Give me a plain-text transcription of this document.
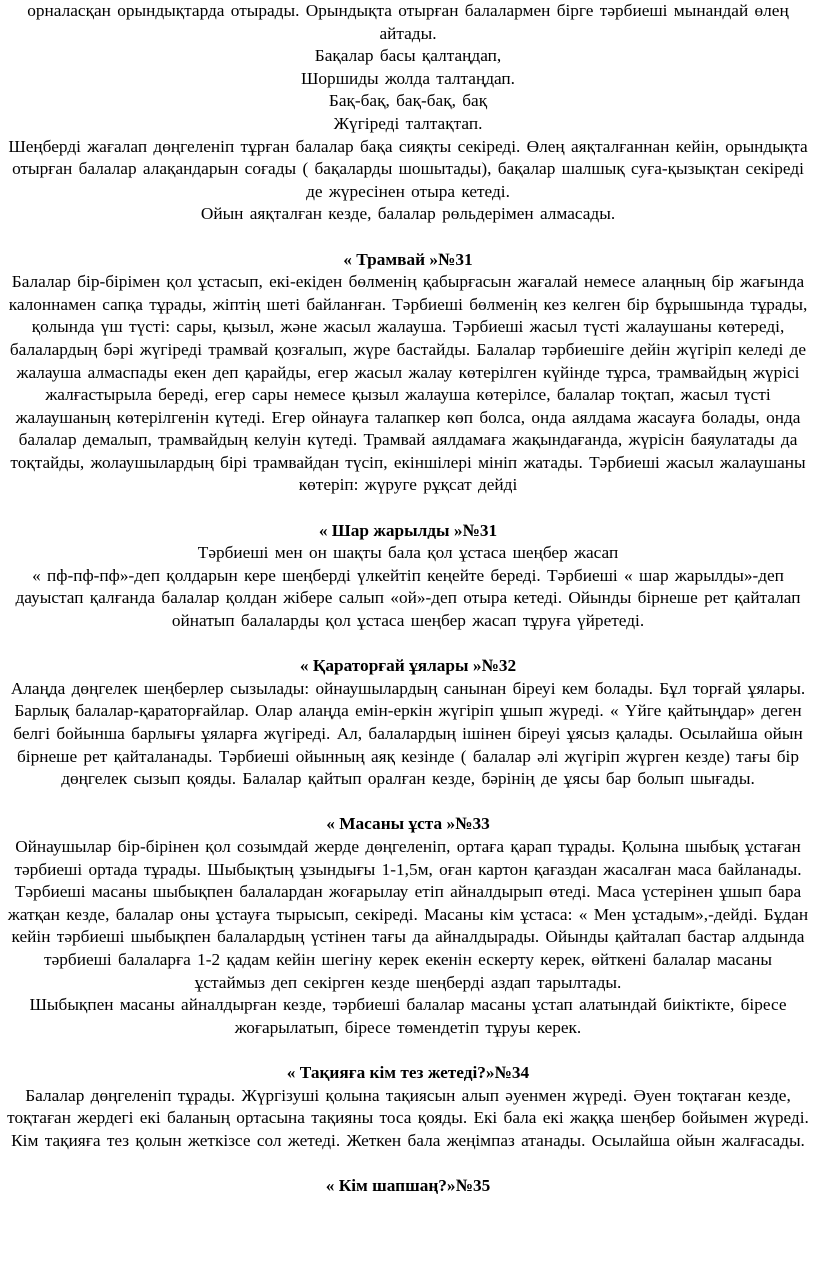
орналасқан орындықтарда отырады. Орындықта отырған балалармен бірге тәрбиеші мынандай өлең айтады.

Бақалар басы қалтаңдап,

Шоршиды жолда талтаңдап.

Бақ-бақ, бақ-бақ, бақ

Жүгіреді талтақтап.

Шеңберді жағалап дөңгеленіп тұрған балалар бақа сияқты секіреді. Өлең аяқталғаннан кейін, орындықта отырған балалар алақандарын соғады ( бақаларды шошытады), бақалар шалшық суға-қызықтан секіреді де жүресінен отыра кетеді.

Ойын аяқталған кезде, балалар рөльдерімен алмасады.

« Трамвай »№31

Балалар бір-бірімен қол ұстасып, екі-екіден бөлменің қабырғасын жағалай немесе алаңның бір жағында калоннамен сапқа тұрады, жіптің шеті байланған. Тәрбиеші бөлменің кез келген бір бұрышында тұрады, қолында үш түсті: сары, қызыл, және жасыл жалауша. Тәрбиеші жасыл түсті жалаушаны көтереді, балалардың бәрі жүгіреді трамвай қозғалып, жүре бастайды. Балалар тәрбиешіге дейін жүгіріп келеді де жалауша алмаспады екен деп қарайды, егер жасыл жалау көтерілген күйінде тұрса, трамвайдың жүрісі жалғастырыла береді, егер сары немесе қызыл жалауша көтерілсе, балалар тоқтап, жасыл түсті жалаушаның көтерілгенін күтеді. Егер ойнауға талапкер көп болса, онда аялдама жасауға болады, онда балалар демалып, трамвайдың келуін күтеді. Трамвай аялдамаға жақындағанда, жүрісін баяулатады да тоқтайды, жолаушылардың бірі трамвайдан түсіп, екіншілері мініп жатады. Тәрбиеші жасыл жалаушаны көтеріп: жүруге рұқсат дейді

« Шар жарылды »№31

Тәрбиеші мен он шақты бала қол ұстаса шеңбер жасап

« пф-пф-пф»-деп қолдарын кере шеңберді үлкейтіп кеңейте береді. Тәрбиеші « шар жарылды»-деп дауыстап қалғанда балалар қолдан жібере салып «ой»-деп отыра кетеді. Ойынды бірнеше рет қайталап ойнатып балаларды қол ұстаса шеңбер жасап тұруға үйретеді.

« Қараторғай ұялары »№32

Алаңда дөңгелек шеңберлер сызылады: ойнаушылардың санынан біреуі кем болады. Бұл торғай ұялары.

Барлық балалар-қараторғайлар. Олар алаңда емін-еркін жүгіріп ұшып жүреді. « Үйге қайтыңдар» деген белгі бойынша барлығы ұяларға жүгіреді. Ал, балалардың ішінен біреуі ұясыз қалады. Осылайша ойын бірнеше рет қайталанады. Тәрбиеші ойынның аяқ кезінде ( балалар әлі жүгіріп жүрген кезде) тағы бір дөңгелек сызып қояды. Балалар қайтып оралған кезде, бәрінің де ұясы бар болып шығады.

« Масаны ұста »№33

Ойнаушылар бір-бірінен қол созымдай жерде дөңгеленіп, ортаға қарап тұрады. Қолына шыбық ұстаған тәрбиеші ортада тұрады. Шыбықтың ұзындығы 1-1,5м, оған картон қағаздан жасалған маса байланады. Тәрбиеші масаны шыбықпен балалардан жоғарылау етіп айналдырып өтеді. Маса үстерінен ұшып бара жатқан кезде, балалар оны ұстауға тырысып, секіреді. Масаны кім ұстаса: « Мен ұстадым»,-дейді. Бұдан кейін тәрбиеші шыбықпен балалардың үстінен тағы да айналдырады. Ойынды қайталап бастар алдында тәрбиеші балаларға 1-2 қадам кейін шегіну керек екенін ескерту керек, өйткені балалар масаны ұстаймыз деп секірген кезде шеңберді аздап тарылтады.

Шыбықпен масаны айналдырған кезде, тәрбиеші балалар масаны ұстап алатындай биіктікте, біресе жоғарылатып, біресе төмендетіп тұруы керек.

« Тақияға кім тез жетеді?»№34

Балалар дөңгеленіп тұрады. Жүргізуші қолына тақиясын алып әуенмен жүреді. Әуен тоқтаған кезде, тоқтаған жердегі екі баланың ортасына тақияны тоса қояды. Екі бала екі жаққа шеңбер бойымен жүреді. Кім тақияға тез қолын жеткізсе сол жетеді. Жеткен бала жеңімпаз атанады. Осылайша ойын жалғасады.

« Кім шапшаң?»№35
